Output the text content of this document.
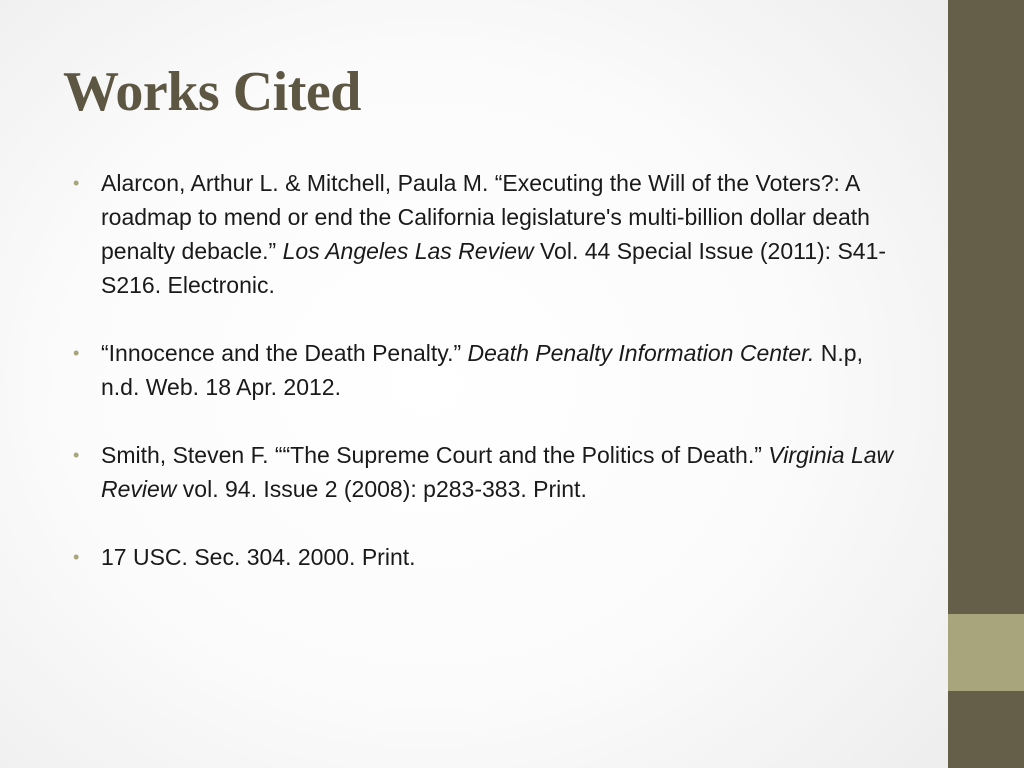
Works Cited
• Alarcon, Arthur L. & Mitchell, Paula M. “Executing the Will of the Voters?: A roadmap to mend or end the California legislature's multi-billion dollar death penalty debacle.” Los Angeles Las Review Vol. 44 Special Issue (2011): S41-S216. Electronic.
• “Innocence and the Death Penalty.” Death Penalty Information Center. N.p, n.d. Web. 18 Apr. 2012.
• Smith, Steven F. ““The Supreme Court and the Politics of Death.” Virginia Law Review vol. 94. Issue 2 (2008): p283-383. Print.
• 17 USC. Sec. 304. 2000. Print.
